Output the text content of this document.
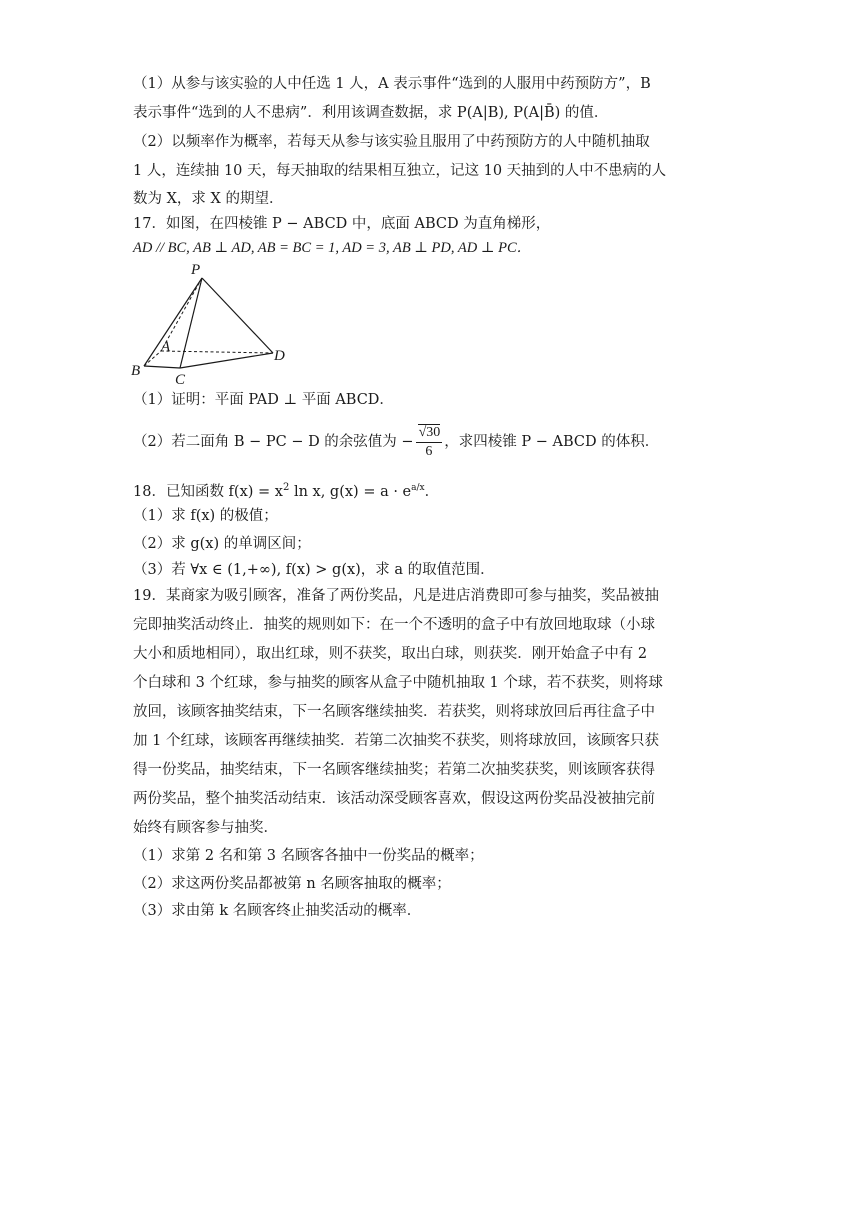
（1）从参与该实验的人中任选 1 人，A 表示事件“选到的人服用中药预防方”，B
表示事件“选到的人不患病”．利用该调查数据，求 P(A|B), P(A|B̄) 的值．
（2）以频率作为概率，若每天从参与该实验且服用了中药预防方的人中随机抽取
1 人，连续抽 10 天，每天抽取的结果相互独立，记这 10 天抽到的人中不患病的人
数为 X，求 X 的期望．
17．如图，在四棱锥 P − ABCD 中，底面 ABCD 为直角梯形，
AD // BC, AB ⊥ AD, AB = BC = 1, AD = 3, AB ⊥ PD, AD ⊥ PC．
P
A
B
C
D
（1）证明：平面 PAD ⊥ 平面 ABCD．
（2）若二面角 B − PC − D 的余弦值为 − $\frac{√30}{6}$ ，求四棱锥 P − ABCD 的体积．
18．已知函数 $f(x) = x^2$ ln x, $g(x) = a \cdot e^{a/x}$．
（1）求 f(x) 的极值；
（2）求 g(x) 的单调区间；
（3）若 ∀x ∈ (1,+∞), f(x) > g(x)，求 a 的取值范围．
19．某商家为吸引顾客，准备了两份奖品，凡是进店消费即可参与抽奖，奖品被抽
完即抽奖活动终止．抽奖的规则如下：在一个不透明的盒子中有放回地取球（小球
大小和质地相同），取出红球，则不获奖，取出白球，则获奖．刚开始盒子中有 2
个白球和 3 个红球，参与抽奖的顾客从盒子中随机抽取 1 个球，若不获奖，则将球
放回，该顾客抽奖结束，下一名顾客继续抽奖．若获奖，则将球放回后再往盒子中
加 1 个红球，该顾客再继续抽奖．若第二次抽奖不获奖，则将球放回，该顾客只获
得一份奖品，抽奖结束，下一名顾客继续抽奖；若第二次抽奖获奖，则该顾客获得
两份奖品，整个抽奖活动结束．该活动深受顾客喜欢，假设这两份奖品没被抽完前
始终有顾客参与抽奖．
（1）求第 2 名和第 3 名顾客各抽中一份奖品的概率；
（2）求这两份奖品都被第 n 名顾客抽取的概率；
（3）求由第 k 名顾客终止抽奖活动的概率．
